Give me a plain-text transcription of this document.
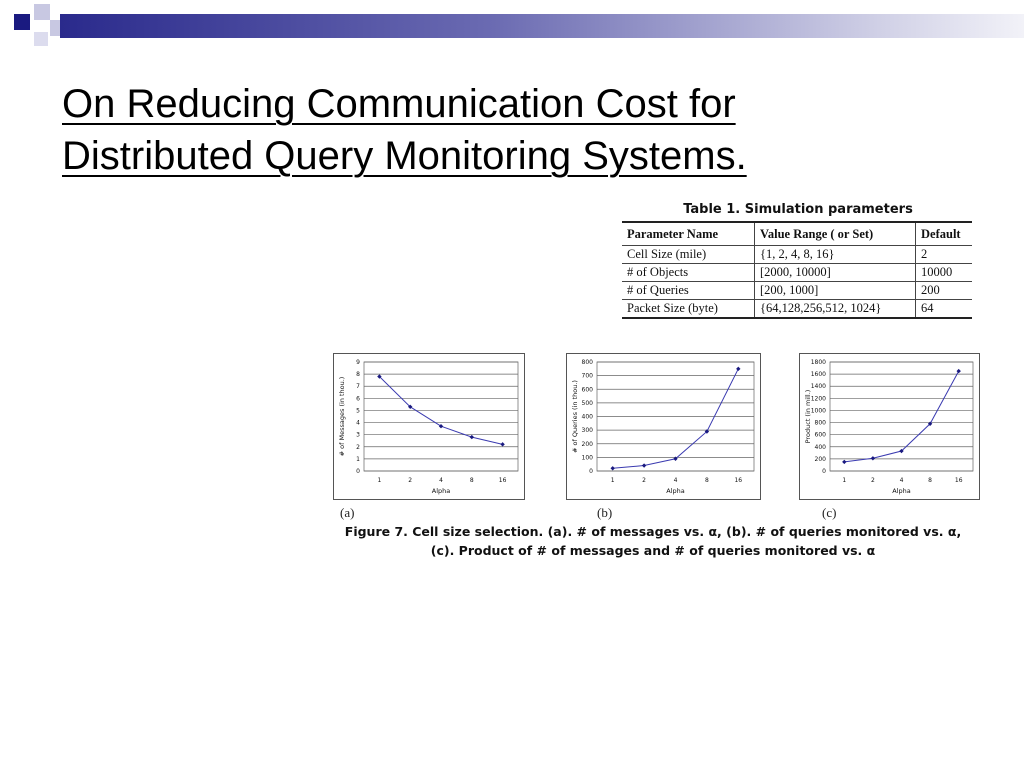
On Reducing Communication Cost for
Distributed Query Monitoring Systems.
Table 1. Simulation parameters
Parameter Name	Value Range ( or Set)	Default
Cell Size (mile)	{1, 2, 4, 8, 16}	2
# of Objects	[2000, 10000]	10000
# of Queries	[200, 1000]	200
Packet Size (byte)	{64,128,256,512, 1024}	64
0
1
2
3
4
5
6
7
8
9
1	2	4	8	16
Alpha
# of Messages (in thou.)
0
100
200
300
400
500
600
700
800
1	2	4	8	16
Alpha
# of Queries (in thou.)
0
200
400
600
800
1000
1200
1400
1600
1800
1	2	4	8	16
Alpha
Product (in mill.)
(a)	(b)	(c)
Figure 7. Cell size selection. (a). # of messages vs. α, (b). # of queries monitored vs. α,
(c). Product of # of messages and # of queries monitored vs. α
